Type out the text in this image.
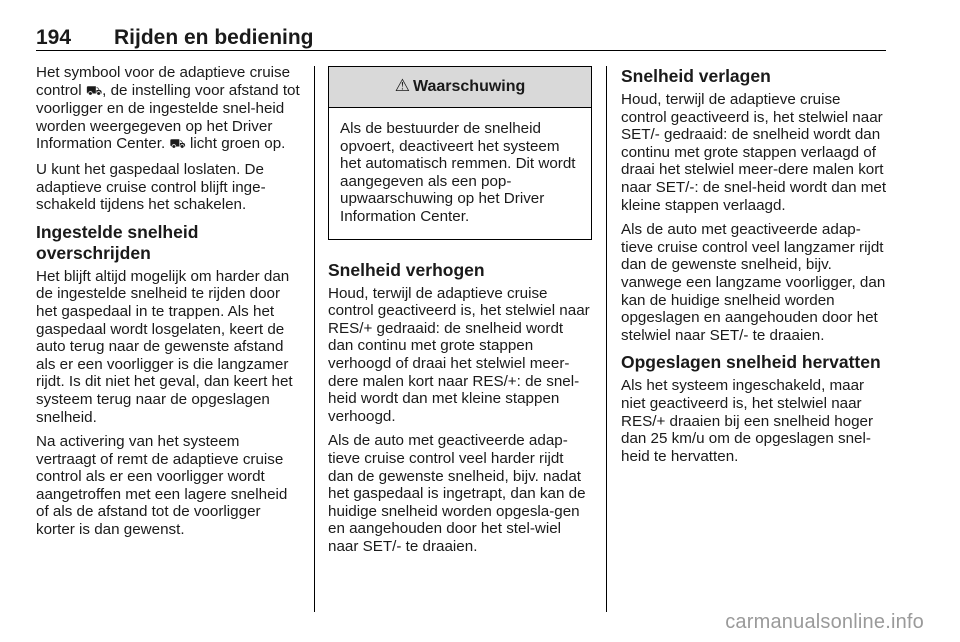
194 Rijden en bediening

Het symbool voor de adaptieve cruise control ⛟, de instelling voor afstand tot voorligger en de ingestelde snel-heid worden weergegeven op het Driver Information Center. ⛟ licht groen op.

U kunt het gaspedaal loslaten. De adaptieve cruise control blijft inge-schakeld tijdens het schakelen.

Ingestelde snelheid overschrijden

Het blijft altijd mogelijk om harder dan de ingestelde snelheid te rijden door het gaspedaal in te trappen. Als het gaspedaal wordt losgelaten, keert de auto terug naar de gewenste afstand als er een voorligger is die langzamer rijdt. Is dit niet het geval, dan keert het systeem terug naar de opgeslagen snelheid.

Na activering van het systeem vertraagt of remt de adaptieve cruise control als er een voorligger wordt aangetroffen met een lagere snelheid of als de afstand tot de voorligger korter is dan gewenst.

⚠ Waarschuwing

Als de bestuurder de snelheid opvoert, deactiveert het systeem het automatisch remmen. Dit wordt aangegeven als een pop-upwaarschuwing op het Driver Information Center.

Snelheid verhogen

Houd, terwijl de adaptieve cruise control geactiveerd is, het stelwiel naar RES/+ gedraaid: de snelheid wordt dan continu met grote stappen verhoogd of draai het stelwiel meer-dere malen kort naar RES/+: de snel-heid wordt dan met kleine stappen verhoogd.

Als de auto met geactiveerde adap-tieve cruise control veel harder rijdt dan de gewenste snelheid, bijv. nadat het gaspedaal is ingetrapt, dan kan de huidige snelheid worden opgesla-gen en aangehouden door het stel-wiel naar SET/- te draaien.

Snelheid verlagen

Houd, terwijl de adaptieve cruise control geactiveerd is, het stelwiel naar SET/- gedraaid: de snelheid wordt dan continu met grote stappen verlaagd of draai het stelwiel meer-dere malen kort naar SET/-: de snel-heid wordt dan met kleine stappen verlaagd.

Als de auto met geactiveerde adap-tieve cruise control veel langzamer rijdt dan de gewenste snelheid, bijv. vanwege een langzame voorligger, dan kan de huidige snelheid worden opgeslagen en aangehouden door het stelwiel naar SET/- te draaien.

Opgeslagen snelheid hervatten

Als het systeem ingeschakeld, maar niet geactiveerd is, het stelwiel naar RES/+ draaien bij een snelheid hoger dan 25 km/u om de opgeslagen snel-heid te hervatten.

carmanualsonline.info
